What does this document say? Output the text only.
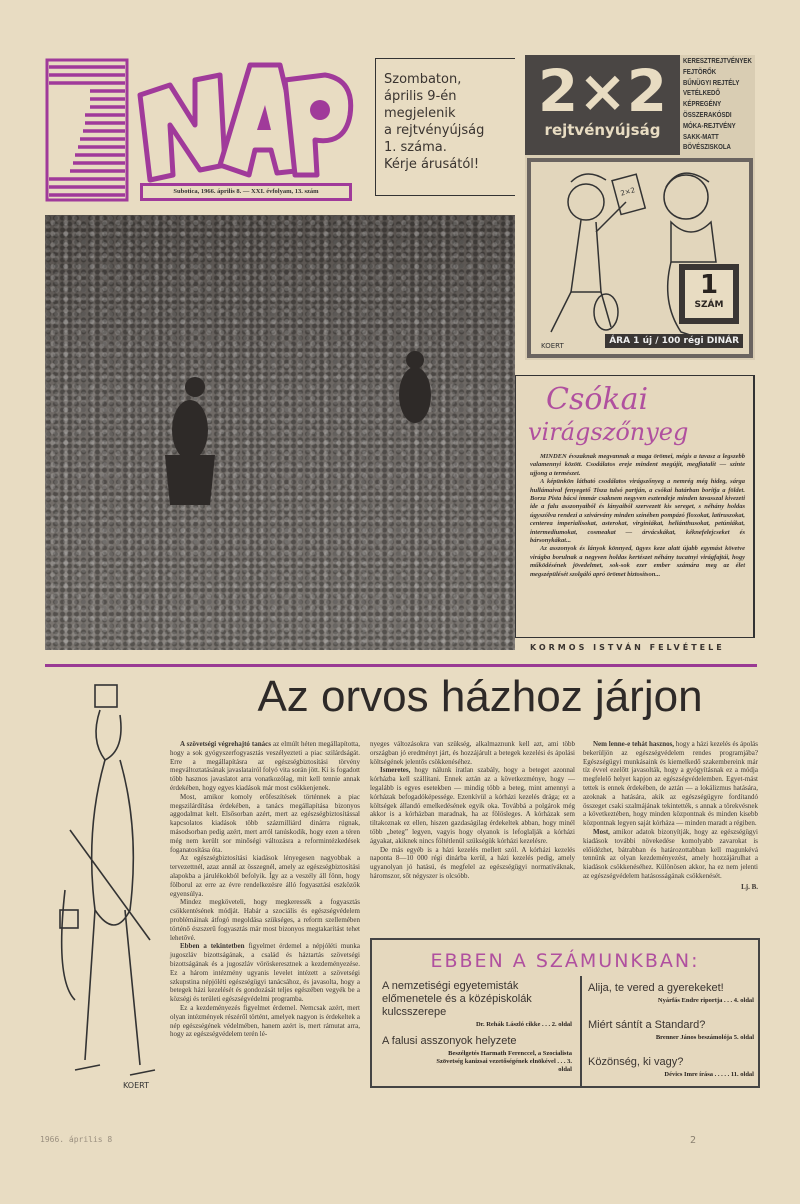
Subotica, 1966. április 8. — XXI. évfolyam, 13. szám
Szombaton,
április 9-én
megjelenik
a rejtvényújság
1. száma.
Kérje árusától!
2×2
rejtvényújság
KERESZTREJTVÉNYEK
FEJTÖRŐK
BŰNÜGYI REJTÉLY
VETÉLKEDŐ
KÉPREGÉNY
ÖSSZERAKÓSDI
MÓKA-REJTVÉNY
SAKK-MATT
BÖVÉSZISKOLA
KOERT
2×2
1
SZÁM
ÁRA 1 új / 100 régi DINÁR
Csókai
virágszőnyeg

MINDEN évszaknak megvannak a maga örömei, mégis a tavasz a legszebb valamennyi között. Csodálatos ereje mindent megújít, megfiatalít — szinte ujjong a természet.

A képünkön látható csodálatos virágszőnyeg a nemrég még hideg, sárga hullámaival fenyegető Tisza tulsó partján, a csókai határban borítja a földet. Borza Pista bácsi immár csaknem negyven esztendeje minden tavasszal kivezeti ide a falu asszonyaiból és lányaiból szervezett kis sereget, s néhány holdas úgyszólva rendezi a szivárvány minden színében pompázó floxokat, latiruszokat, centerea imperialisokat, asterokat, virginiákat, heliánthusokat, petúniákat, intermediumokat, cosmeakat — árvácskákat, kéknefelejcseket és bársonykákat...

Az asszonyok és lányok könnyed, ügyes keze alatt újabb egymást követve virágba borulnak a negyven holdas kertészet néhány tucatnyi virágfajtái, hogy működésének jövedelmet, sok-sok ezer ember számára meg az élet megszépülését szolgáló apró örömet biztosítson...

KORMOS ISTVÁN FELVÉTELE
Az orvos házhoz járjon
KOERT

A szövetségi végrehajtó tanács az elmúlt héten megállapította, hogy a sok gyógyszerfogyasztás veszélyezteti a piac szilárdságát. Erre a megállapításra az egészségbiztosítási törvény megváltoztatásának javaslatairól folyó vita során jött. Ki is fogadott több hasznos javaslatot arra vonatkozólag, mit kell tennie annak érdekében, hogy egyes kiadások már most csökkenjenek.

Most, amikor komoly erőfeszítések történnek a piac megszilárdítása érdekében, a tanács megállapítása bizonyos aggodalmat kelt. Elsősorban azért, mert az egészségbiztosítással kapcsolatos kiadások több százmilliárd dinárra rúgnak, másodsorban pedig azért, mert arról tanúskodik, hogy ezen a téren még nem került sor minőségi változásra a reformintézkedések foganatosítása óta.

Az egészségbiztosítási kiadások lényegesen nagyobbak a tervezettnél, azaz annál az összegnél, amely az egészségbiztosítási alapokba a járulékokból befolyik. Így az a veszély áll fönn, hogy fölborul az erre az évre rendelkezésre álló fogyasztási eszközök egyensúlya.

Mindez megköveteli, hogy megkeressék a fogyasztás csökkentésének módját. Habár a szociális és egészségvédelem problémáinak átfogó megoldása szükséges, a reform szellemében történő észszerű fogyasztás már most bizonyos megtakarítást tehet lehetővé.

Ebben a tekintetben figyelmet érdemel a népjóléti munka jugoszláv bizottságának, a család és háztartás szövetségi bizottságának és a jugoszláv vöröskeresztnek a kezdeményezése. Ez a három intézmény ugyanis levelet intézett a szövetségi szkupstina népjóléti egészségügyi tanácsához, és javasolta, hogy a betegek házi kezelését és gondozását teljes egészében vegyék be a községi és területi egészségvédelmi programba.

Ez a kezdeményezés figyelmet érdemel. Nemcsak azért, mert olyan intézmények részéről történt, amelyek nagyon is érdekeltek a nép egészségének védelmében, hanem azért is, mert rámutat arra, hogy az egészségvédelem terén lé-

nyeges változásokra van szükség, alkalmaznunk kell azt, ami több országban jó eredményt járt, és hozzájárult a betegek kezelési és ápolási költségének jelentős csökkenéséhez.

Ismeretes, hogy nálunk íratlan szabály, hogy a beteget azonnal kórházba kell szállítani. Ennek aztán az a következménye, hogy — legalább is egyes esetekben — mindig több a beteg, mint amennyi a kórházak befogadóképessége. Ezenkívül a kórházi kezelés drága; ez a költségek állandó emelkedésének egyik oka. Továbbá a polgárok még akkor is a kórházban maradnak, ha az fölösleges. A kórházak sem tiltakoznak ez ellen, hiszen gazdaságilag érdekeltek abban, hogy minél több „beteg” legyen, vagyis hogy olyanok is lefoglalják a kórházi ágyakat, akiknek nincs föltétlenül szükségük kórházi kezelésre.

De más egyéb is a házi kezelés mellett szól. A kórházi kezelés naponta 8—10 000 régi dinárba kerül, a házi kezelés pedig, amely ugyanolyan jó hatású, és megfelel az egészségügyi normatíváknak, háromszor, sőt négyszer is olcsóbb.

Nem lenne-e tehát hasznos, hogy a házi kezelés és ápolás bekerüljön az egészségvédelem rendes programjába? Egészségügyi munkásaink és kiemelkedő szakembereink már tíz évvel ezelőtt javasolták, hogy a gyógyításnak ez a módja megfelelő helyet kapjon az egészségvédelemben. Egyet-mást tettek is ennek érdekében, de aztán — a lokálizmus hatására, azoknak a hatására, akik az egészségügyre fordítandó összeget csaki szalmájának tekintették, s annak a törekvésnek a következtében, hogy minden központnak és minden kisebb központnak legyen saját kórháza — minden maradt a régiben.

Most, amikor adatok bizonyítják, hogy az egészségügyi kiadások további növekedése komolyabb zavarokat is előidézhet, bátrabban és határozottabban kell magunkévá tennünk az olyan kezdeményezést, amely hozzájárulhat a kiadások csökkenéséhez. Különösen akkor, ha ez nem jelenti az egészségvédelem hatásosságának csökkenését.

Lj. B.
EBBEN A SZÁMUNKBAN:
A nemzetiségi egyetemisták előmenetele és a középiskolák kulcsszerepe
Dr. Rehák László cikke . . . 2. oldal
A falusi asszonyok helyzete
Beszélgetés Harmath Ferenccel, a Szocialista Szövetség kanizsai vezetőségének elnökével . . . 3. oldal
Alija, te vered a gyerekeket!
Nyárfás Endre riportja . . . 4. oldal
Miért sántít a Standard?
Brenner János beszámolója 5. oldal
Közönség, ki vagy?
Dévics Imre írása . . . . . 11. oldal
1966. április 8	2
